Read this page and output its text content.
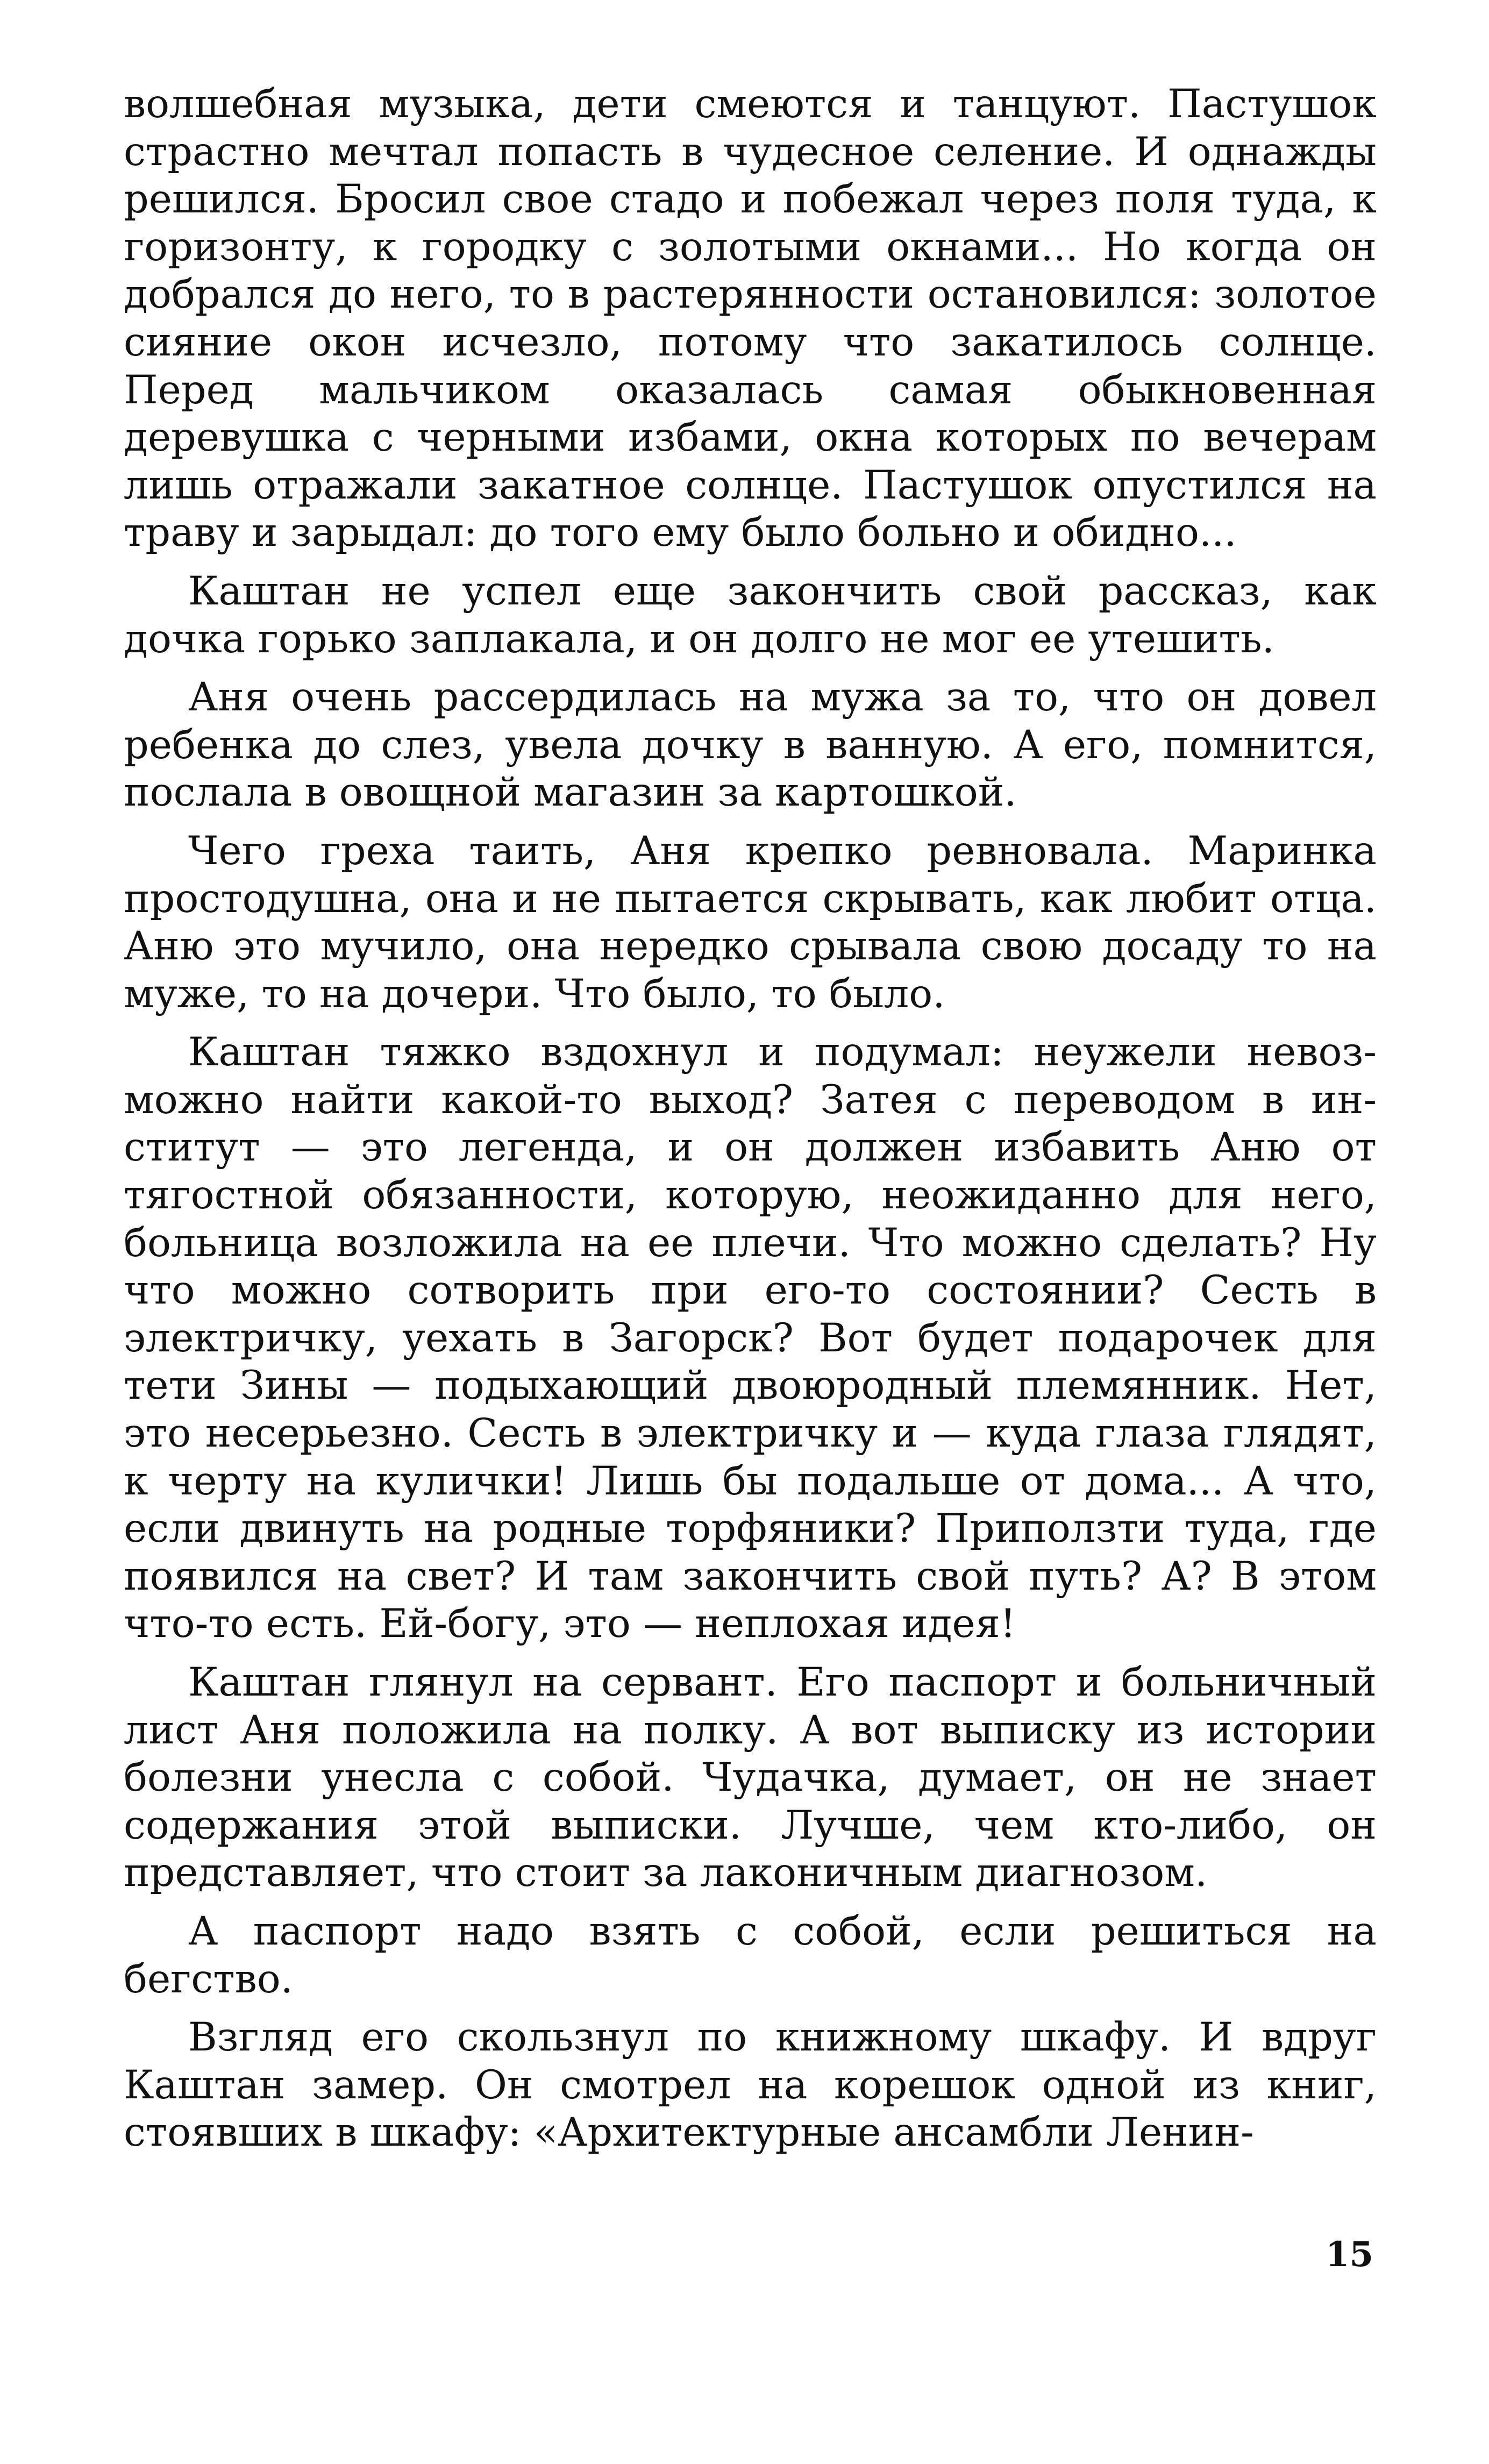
волшебная музыка, дети смеются и танцуют. Пастушок страстно мечтал попасть в чудесное селение. И однажды решился. Бросил свое стадо и побежал через поля туда, к горизонту, к городку с золотыми окнами... Но когда он добрался до него, то в растерянности остановился: золотое сияние окон исчезло, потому что закатилось солнце. Перед мальчиком оказалась самая обыкновенная деревушка с черными избами, окна которых по вечерам лишь отражали закатное солнце. Пастушок опустился на траву и зарыдал: до того ему было больно и обидно...

Каштан не успел еще закончить свой рассказ, как дочка горько заплакала, и он долго не мог ее утешить.

Аня очень рассердилась на мужа за то, что он довел ребенка до слез, увела дочку в ванную. А его, помнится, послала в овощной магазин за картошкой.

Чего греха таить, Аня крепко ревновала. Маринка простодушна, она и не пытается скрывать, как любит отца. Аню это мучило, она нередко срывала свою досаду то на муже, то на дочери. Что было, то было.

Каштан тяжко вздохнул и подумал: неужели невозможно найти какой-то выход? Затея с переводом в институт — это легенда, и он должен избавить Аню от тягостной обязанности, которую, неожиданно для него, больница возложила на ее плечи. Что можно сделать? Ну что можно сотворить при его-то состоянии? Сесть в электричку, уехать в Загорск? Вот будет подарочек для тети Зины — подыхающий двоюродный племянник. Нет, это несерьезно. Сесть в электричку и — куда глаза глядят, к черту на кулички! Лишь бы подальше от дома... А что, если двинуть на родные торфяники? Приползти туда, где появился на свет? И там закончить свой путь? А? В этом что-то есть. Ей-богу, это — неплохая идея!

Каштан глянул на сервант. Его паспорт и больничный лист Аня положила на полку. А вот выписку из истории болезни унесла с собой. Чудачка, думает, он не знает содержания этой выписки. Лучше, чем кто-либо, он представляет, что стоит за лаконичным диагнозом.

А паспорт надо взять с собой, если решиться на бегство.

Взгляд его скользнул по книжному шкафу. И вдруг Каштан замер. Он смотрел на корешок одной из книг, стоявших в шкафу: «Архитектурные ансамбли Ленин-

15
